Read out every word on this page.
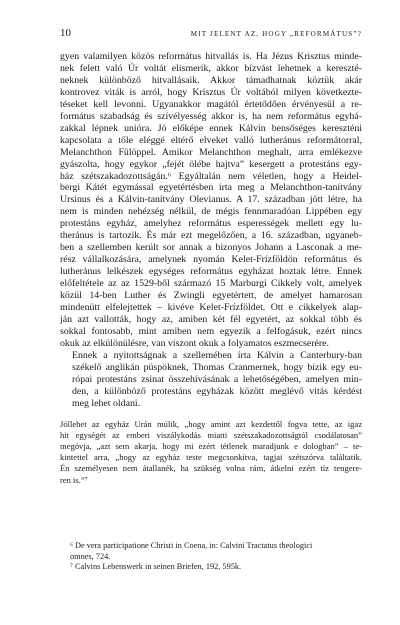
10	MIT JELENT AZ, HOGY „REFORMÁTUS”?

gyen valamilyen közös református hitvallás is. Ha Jézus Krisztus minde-
nek felett való Úr voltát elismerik, akkor bízvást lehetnek a kereszté-
neknek különböző hitvallásaik. Akkor támadhatnak köztük akár
kontrovez viták is arról, hogy Krisztus Úr voltából milyen következte-
téseket kell levonni. Ugyanakkor magától értetődően érvényesül a re-
formátus szabadság és szívélyesség akkor is, ha nem református egyhá-
zakkal lépnek unióra. Jó előképe ennek Kálvin bensőséges kereszténi
kapcsolata a tőle eléggé eltérő elveket valló lutheránus reformátorral,
Melanchthon Fülöppel. Amikor Melanchthon meghalt, arra emlékezve
gyászolta, hogy egykor „fejét ölébe hajtva” kesergett a protestáns egy-
ház szétszakadozottságán.⁶ Egyáltalán nem véletlen, hogy a Heidel-
bergi Kátét egymással egyetértésben írta meg a Melanchthon-tanítvány
Ursinus és a Kálvin-tanítvány Olevianus. A 17. században jött létre, ha
nem is minden nehézség nélkül, de mégis fennmaradóan Lippében egy
protestáns egyház, amelyhez református esperességek mellett egy lu-
theránus is tartozik. És már ezt megelőzően, a 16. században, ugyaneb-
ben a szellemben került sor annak a bizonyos Johann a Lasconak a me-
rész vállalkozására, amelynek nyomán Kelet-Frízföldön református és
lutheránus lelkészek egységes református egyházat hoztak létre. Ennek
előfeltétele az az 1529-ből származó 15 Marburgi Cikkely volt, amelyek
közül 14-ben Luther és Zwingli egyetértett, de amelyet hamarosan
mindenütt elfelejtettek – kivéve Kelet-Frízföldet. Ott e cikkelyek alap-
ján azt vallották, hogy az, amiben két fél egyetért, az sokkal több és
sokkal fontosabb, mint amiben nem egyezik a felfogásuk, ezért nincs
okuk az elkülönülésre, van viszont okuk a folyamatos eszmecserére.

Ennek a nyitottságnak a szellemében írta Kálvin a Canterbury-ban
székelő anglikán püspöknek, Thomas Cranmernek, hogy bízik egy eu-
rópai protestáns zsinat összehívásának a lehetőségében, amelyen min-
den, a különböző protestáns egyházak között meglévő vitás kérdést
meg lehet oldani.

Jóllehet az egyház Urán múlik, „hogy amint azt kezdettől fogva tette, az igaz
hit egységét az emberi viszálykodás miatti szétszakadozottságtól csodálatosan”
megóvja, „azt sem akarja, hogy mi ezért tétlenek maradjunk e dologban” – te-
kintettel arra, „hogy az egyház teste megcsonkítva, tagjai szétszórva találtatik.
Én személyesen nem átallanék, ha szükség volna rám, átkelni ezért tíz tengere-
ren is.”⁷
⁶ De vera participatione Christi in Coena, in: Calvini Tractatus theologici
omnes, 724.
⁷ Calvins Lebenswerk in seinen Briefen, 192, 595k.
